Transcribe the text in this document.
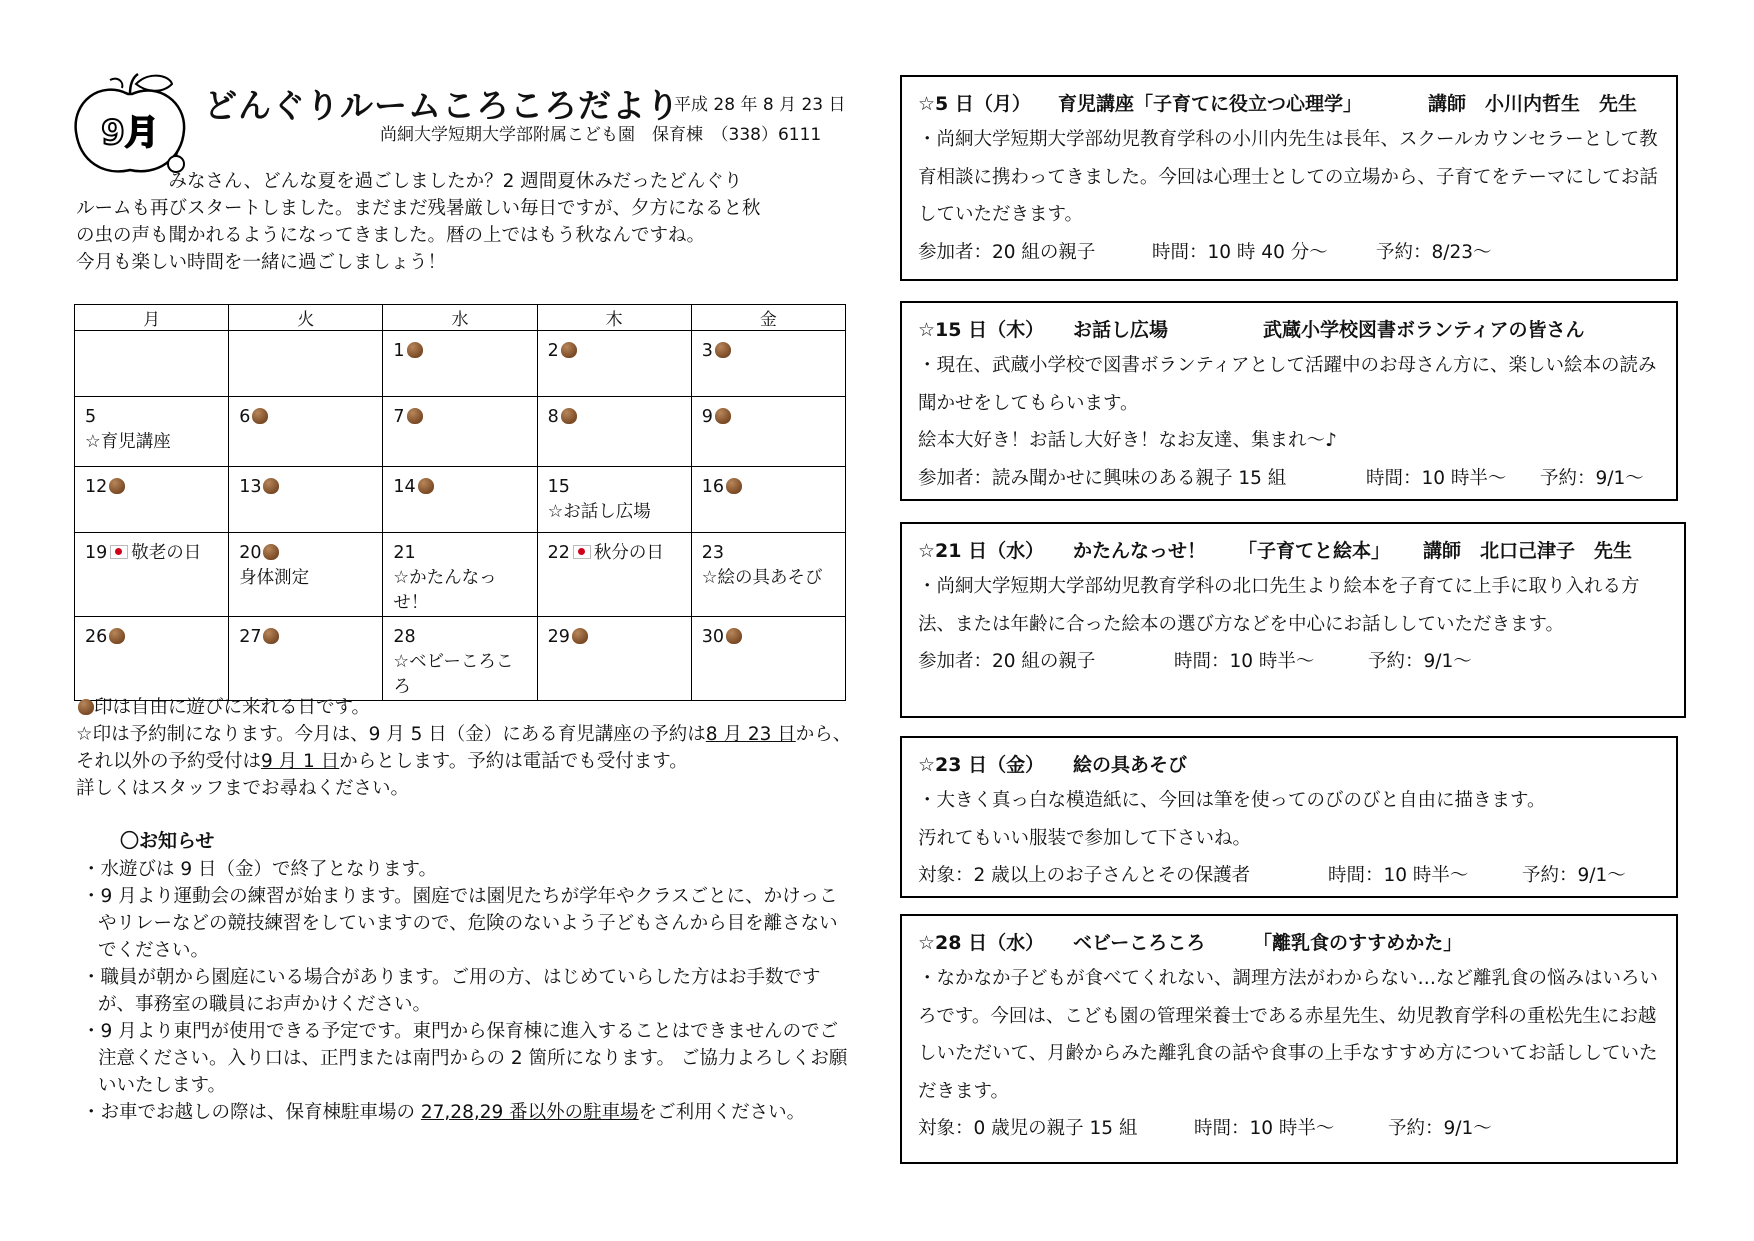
9月
どんぐりルームころころだより
平成 28 年 8 月 23 日
尚絅大学短期大学部附属こども園　保育棟　（338）6111
　　　　　みなさん、どんな夏を過ごしましたか？2 週間夏休みだったどんぐり
ルームも再びスタートしました。まだまだ残暑厳しい毎日ですが、夕方になると秋
の虫の声も聞かれるようになってきました。暦の上ではもう秋なんですね。
今月も楽しい時間を一緒に過ごしましょう！
月	火	水	木	金
		1	2	3
5
☆育児講座	6	7	8	9
12	13	14	15
☆お話し広場	16
19 敬老の日	20
身体測定	21
☆かたんなっせ！	22 秋分の日	23
☆絵の具あそび

26	27	28
☆ベビーころころ	29	30
印は自由に遊びに来れる日です。
☆印は予約制になります。今月は、9 月 5 日（金）にある育児講座の予約は8 月 23 日から、それ以外の予約受付は9 月 1 日からとします。予約は電話でも受付ます。
詳しくはスタッフまでお尋ねください。
〇お知らせ
・水遊びは 9 日（金）で終了となります。
・9 月より運動会の練習が始まります。園庭では園児たちが学年やクラスごとに、かけっこやリレーなどの競技練習をしていますので、危険のないよう子どもさんから目を離さないでください。
・職員が朝から園庭にいる場合があります。ご用の方、はじめていらした方はお手数ですが、事務室の職員にお声かけください。
・9 月より東門が使用できる予定です。東門から保育棟に進入することはできませんのでご注意ください。入り口は、正門または南門からの 2 箇所になります。 ご協力よろしくお願いいたします。
・お車でお越しの際は、保育棟駐車場の 27,28,29 番以外の駐車場をご利用ください。
☆5 日（月） 育児講座「子育てに役立つ心理学」	講師　小川内哲生　先生
・尚絅大学短期大学部幼児教育学科の小川内先生は長年、スクールカウンセラーとして教育相談に携わってきました。今回は心理士としての立場から、子育てをテーマにしてお話していただきます。
参加者：20 組の親子	時間：10 時 40 分～	予約：8/23～
☆15 日（木） お話し広場	武蔵小学校図書ボランティアの皆さん
・現在、武蔵小学校で図書ボランティアとして活躍中のお母さん方に、楽しい絵本の読み聞かせをしてもらいます。
絵本大好き！お話し大好き！なお友達、集まれ～♪
参加者：読み聞かせに興味のある親子 15 組	時間：10 時半～ 予約：9/1～
☆21 日（水） かたんなっせ！ 「子育てと絵本」 講師　北口己津子　先生
・尚絅大学短期大学部幼児教育学科の北口先生より絵本を子育てに上手に取り入れる方法、または年齢に合った絵本の選び方などを中心にお話ししていただきます。
参加者：20 組の親子	時間：10 時半～	予約：9/1～
☆23 日（金） 絵の具あそび
・大きく真っ白な模造紙に、今回は筆を使ってのびのびと自由に描きます。
汚れてもいい服装で参加して下さいね。
対象：2 歳以上のお子さんとその保護者	時間：10 時半～	予約：9/1～
☆28 日（水） ベビーころころ	「離乳食のすすめかた」
・なかなか子どもが食べてくれない、調理方法がわからない…など離乳食の悩みはいろいろです。今回は、こども園の管理栄養士である赤星先生、幼児教育学科の重松先生にお越しいただいて、月齢からみた離乳食の話や食事の上手なすすめ方についてお話ししていただきます。
対象：0 歳児の親子 15 組	時間：10 時半～	予約：9/1～
